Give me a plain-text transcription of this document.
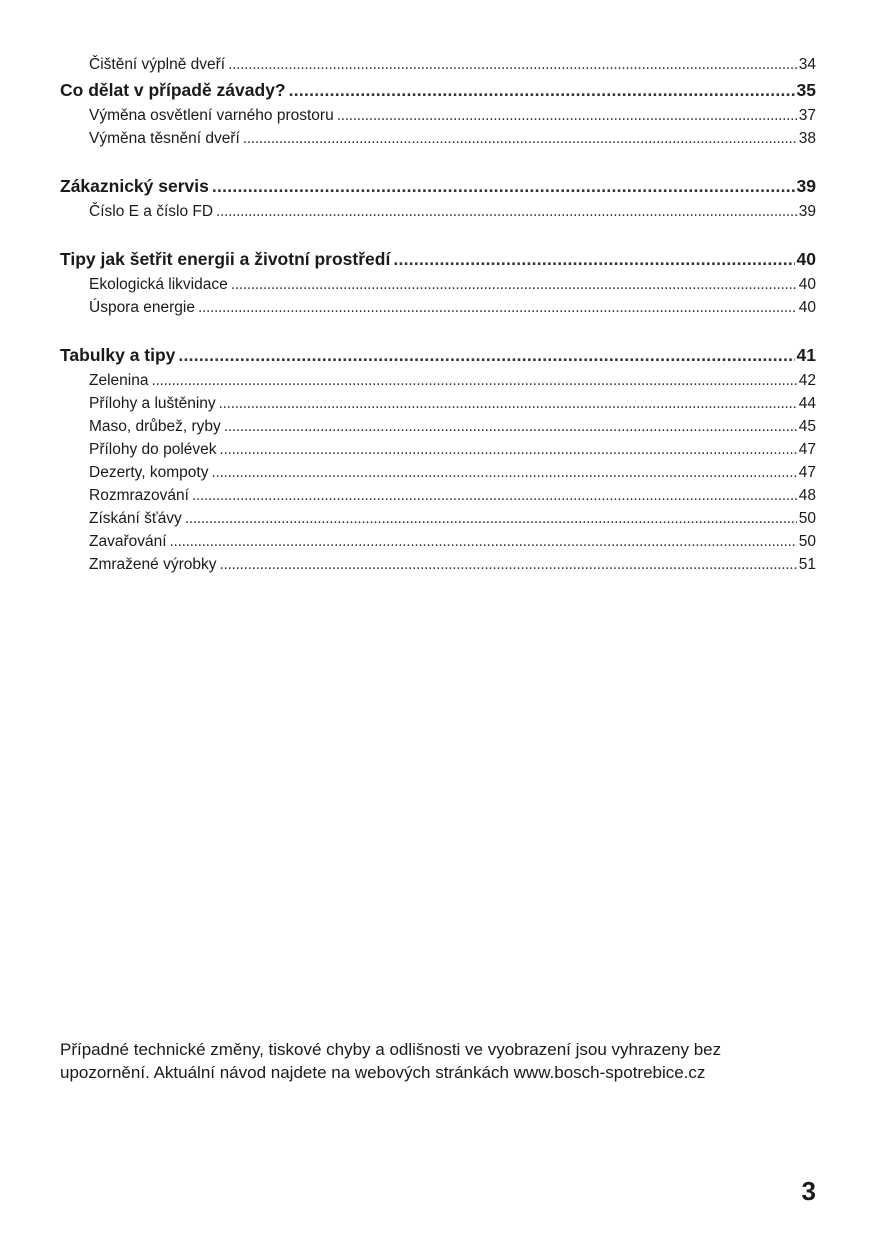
Čištění výplně dveří . . .	34
Co dělat v případě závady? . . .	35
Výměna osvětlení varného prostoru . . .	37
Výměna těsnění dveří . . .	38
Zákaznický servis . . .	39
Číslo E a číslo FD . . .	39
Tipy jak šetřit energii a životní prostředí . . .	40
Ekologická likvidace . . .	40
Úspora energie . . .	40
Tabulky a tipy . . .	41
Zelenina . . .	42
Přílohy a luštěniny . . .	44
Maso, drůbež, ryby . . .	45
Přílohy do polévek . . .	47
Dezerty, kompoty . . .	47
Rozmrazování . . .	48
Získání šťávy . . .	50
Zavařování . . .	50
Zmražené výrobky . . .	51
Případné technické změny, tiskové chyby a odlišnosti ve vyobrazení jsou vyhrazeny bez
upozornění. Aktuální návod najdete na webových stránkách www.bosch-spotrebice.cz
3
